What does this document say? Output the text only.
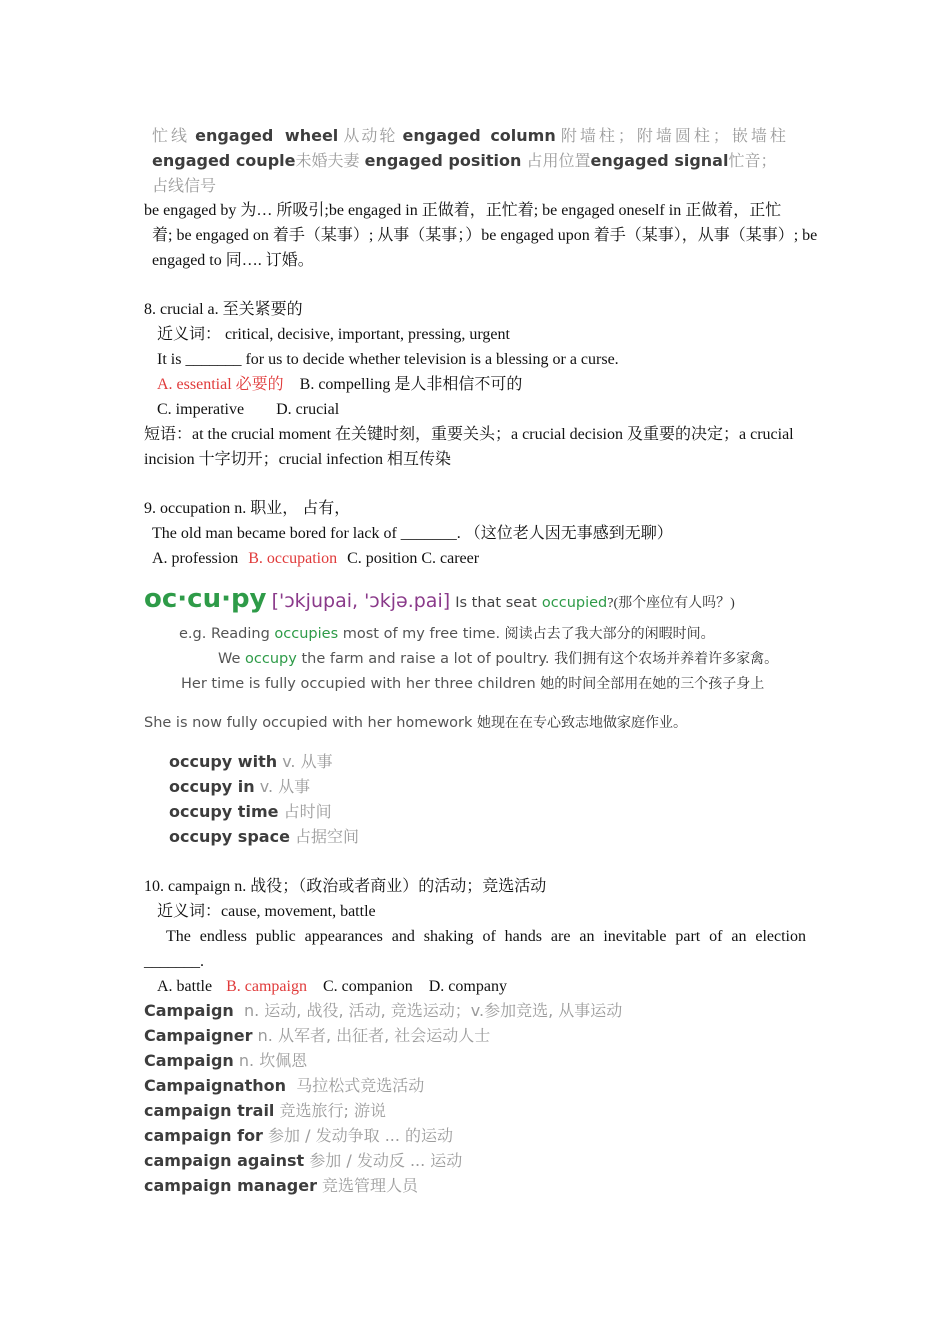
忙线 engaged wheel 从动轮 engaged column 附墙柱；附墙圆柱；嵌墙柱
engaged couple未婚夫妻 engaged position 占用位置engaged signal忙音；
占线信号
be engaged by 为… 所吸引;be engaged in 正做着，正忙着; be engaged oneself in 正做着，正忙
着; be engaged on 着手（某事）; 从事（某事；）be engaged upon 着手（某事），从事（某事）; be
engaged to 同…. 订婚。
8. crucial a. 至关紧要的
近义词： critical, decisive, important, pressing, urgent
It is _______ for us to decide whether television is a blessing or a curse.
A. essential 必要的 B. compelling 是人非相信不可的
C. imperative D. crucial
短语：at the crucial moment 在关键时刻，重要关头；a crucial decision 及重要的决定；a crucial
incision 十字切开；crucial infection 相互传染
9. occupation n. 职业， 占有，
The old man became bored for lack of _______. （这位老人因无事感到无聊）
A. profession B. occupation C. position C. career
oc·cu·py ['ɔkjupai, 'ɔkjə.pai] Is that seat occupied?(那个座位有人吗？)
e.g. Reading occupies most of my free time. 阅读占去了我大部分的闲暇时间。
We occupy the farm and raise a lot of poultry. 我们拥有这个农场并养着许多家禽。
Her time is fully occupied with her three children 她的时间全部用在她的三个孩子身上
She is now fully occupied with her homework 她现在在专心致志地做家庭作业。
occupy with v. 从事
occupy in v. 从事
occupy time 占时间
occupy space 占据空间
10. campaign n. 战役；（政治或者商业）的活动；竞选活动
近义词：cause, movement, battle
The endless public appearances and shaking of hands are an inevitable part of an election
_______.
A. battle B. campaign C. companion D. company
Campaign n. 运动, 战役, 活动, 竞选运动；v.参加竞选, 从事运动
Campaigner n. 从军者, 出征者, 社会运动人士
Campaign n. 坎佩恩
Campaignathon 马拉松式竞选活动
campaign trail 竞选旅行; 游说
campaign for 参加 / 发动争取 ... 的运动
campaign against 参加 / 发动反 ... 运动
campaign manager 竞选管理人员
